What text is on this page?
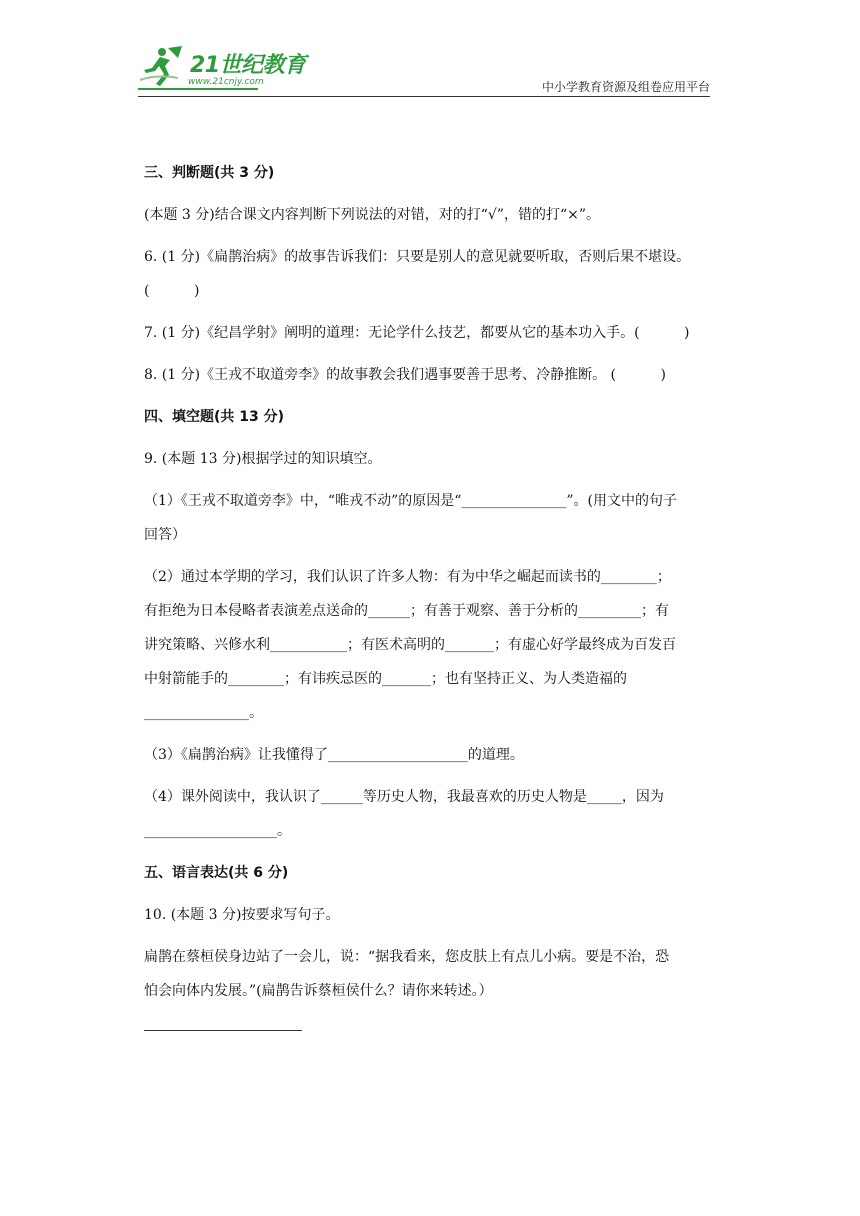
21世纪教育
www.21cnjy.com	中小学教育资源及组卷应用平台

三、判断题(共 3 分)

(本题 3 分)结合课文内容判断下列说法的对错，对的打“√”，错的打“×”。

6. (1 分)《扁鹊治病》的故事告诉我们：只要是别人的意见就要听取，否则后果不堪设。

(          )

7. (1 分)《纪昌学射》阐明的道理：无论学什么技艺，都要从它的基本功入手。(          )

8. (1 分)《王戎不取道旁李》的故事教会我们遇事要善于思考、冷静推断。 (          )

四、填空题(共 13 分)

9. (本题 13 分)根据学过的知识填空。

（1）《王戎不取道旁李》中，“唯戎不动”的原因是“_______________”。(用文中的句子

回答）

（2）通过本学期的学习，我们认识了许多人物：有为中华之崛起而读书的________；

有拒绝为日本侵略者表演差点送命的______；有善于观察、善于分析的_________；有

讲究策略、兴修水利___________；有医术高明的_______；有虚心好学最终成为百发百

中射箭能手的________；有讳疾忌医的_______；也有坚持正义、为人类造福的

_______________。

（3）《扁鹊治病》让我懂得了____________________的道理。

（4）课外阅读中，我认识了______等历史人物，我最喜欢的历史人物是_____，因为

___________________。

五、语言表达(共 6 分)

10. (本题 3 分)按要求写句子。

扁鹊在蔡桓侯身边站了一会儿，说：“据我看来，您皮肤上有点儿小病。要是不治，恐

怕会向体内发展。”(扁鹊告诉蔡桓侯什么？请你来转述。）
